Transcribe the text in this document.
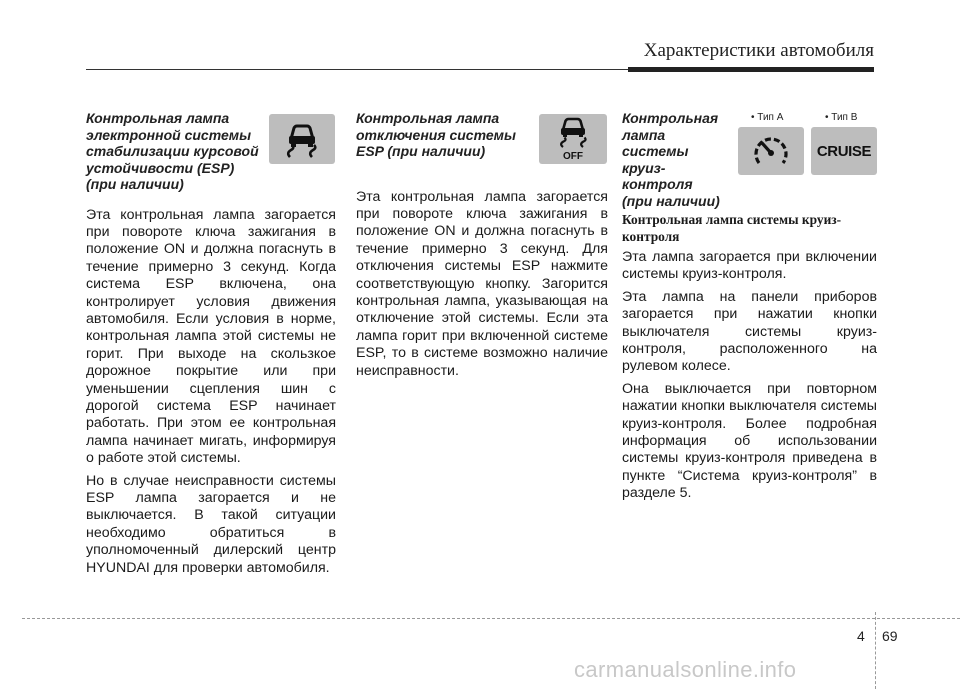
Характеристики автомобиля
Контрольная лампа
электронной системы
стабилизации курсовой
устойчивости (ESP)
(при наличии)

Эта контрольная лампа загорается при повороте ключа зажигания в положение ON и должна погаснуть в течение примерно 3 секунд. Когда система ESP включена, она контролирует условия движения автомобиля. Если условия в норме, контрольная лампа этой системы не горит. При выходе на скользкое дорожное покрытие или при уменьшении сцепления шин с дорогой система ESP начинает работать. При этом ее контрольная лампа начинает мигать, информируя о работе этой системы.

Но в случае неисправности системы ESP лампа загорается и не выключается. В такой ситуации необходимо обратиться в уполномоченный дилерский центр HYUNDAI для проверки автомобиля.

Контрольная лампа
отключения системы
ESP (при наличии)

Эта контрольная лампа загорается при повороте ключа зажигания в положение ON и должна погаснуть в течение примерно 3 секунд. Для отключения системы ESP нажмите соответствующую кнопку. Загорится контрольная лампа, указывающая на отключение этой системы. Если эта лампа горит при включенной системе ESP, то в системе возможно наличие неисправности.

OFF
Контрольная
лампа
системы
круиз-
контроля
(при наличии)
Контрольная лампа системы круиз-контроля

Эта лампа загорается при включении системы круиз-контроля.

Эта лампа на панели приборов загорается при нажатии кнопки выключателя системы круиз-контроля, расположенного на рулевом колесе.

Она выключается при повторном нажатии кнопки выключателя системы круиз-контроля. Более подробная информация об использовании системы круиз-контроля приведена в пункте “Система круиз-контроля” в разделе 5.

• Тип A	• Тип B
CRUISE
4 69
carmanualsonline.info
